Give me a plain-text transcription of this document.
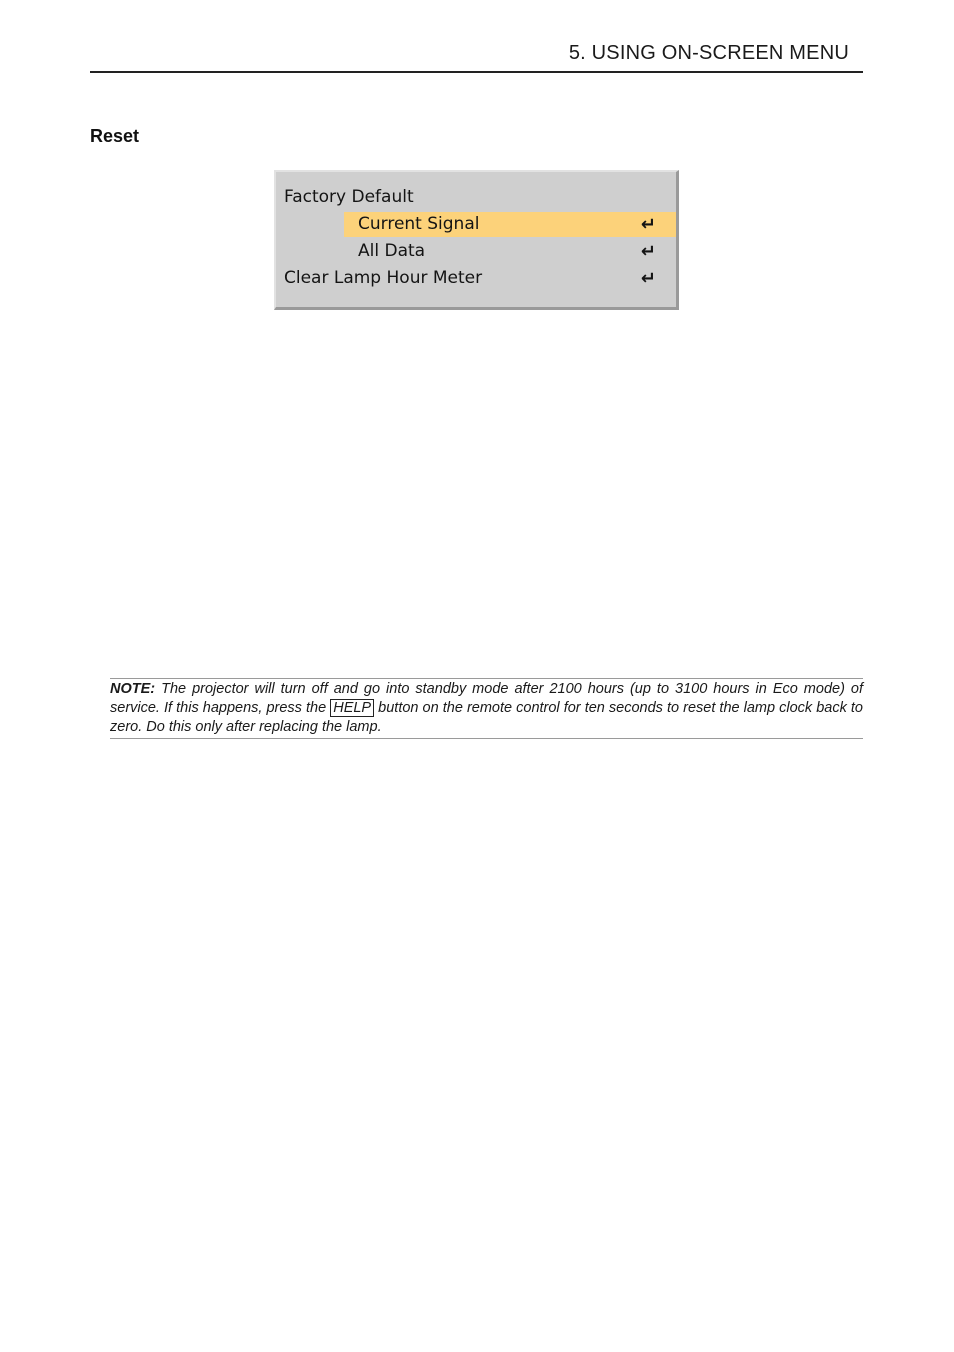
5. USING ON-SCREEN MENU
Reset
Factory Default
Current Signal	↵
All Data	↵
Clear Lamp Hour Meter	↵
NOTE: The projector will turn off and go into standby mode after 2100 hours (up to 3100 hours in Eco mode) of service. If this happens, press the HELP button on the remote control for ten seconds to reset the lamp clock back to zero. Do this only after replacing the lamp.
